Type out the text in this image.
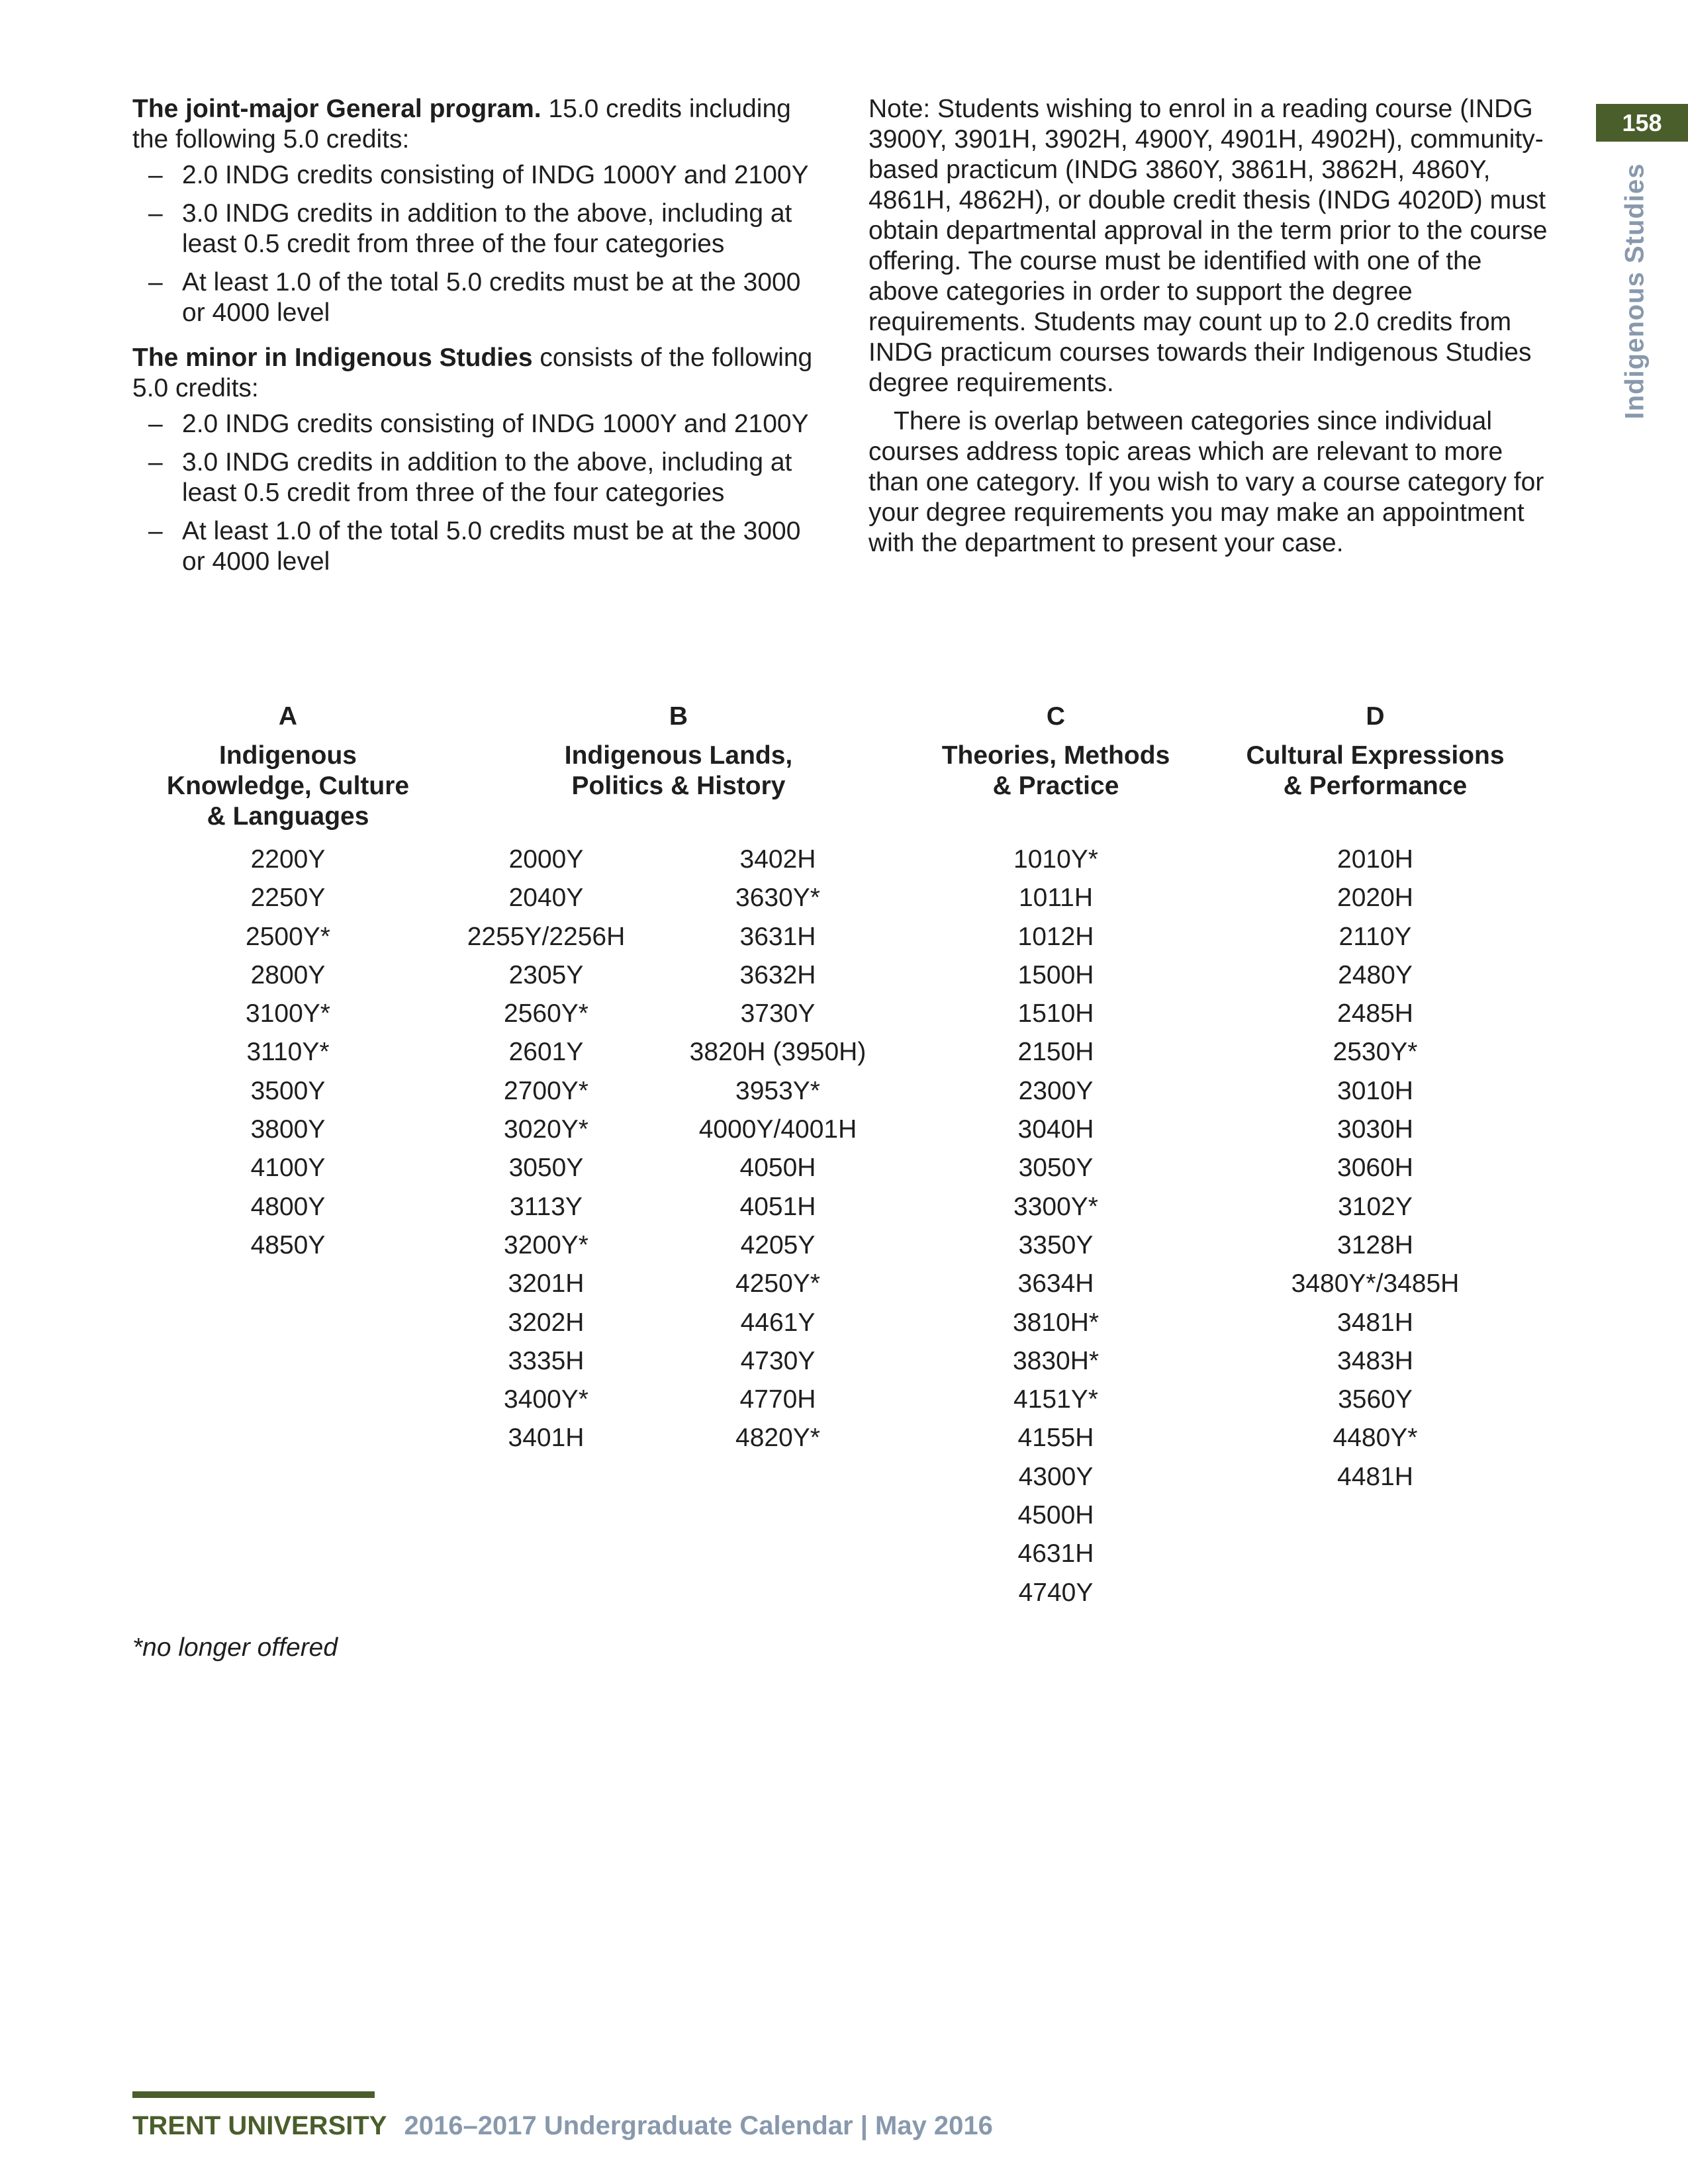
The joint-major General program. 15.0 credits including the following 5.0 credits:

– 2.0 INDG credits consisting of INDG 1000Y and 2100Y
– 3.0 INDG credits in addition to the above, including at least 0.5 credit from three of the four categories
– At least 1.0 of the total 5.0 credits must be at the 3000 or 4000 level

The minor in Indigenous Studies consists of the following 5.0 credits:

– 2.0 INDG credits consisting of INDG 1000Y and 2100Y
– 3.0 INDG credits in addition to the above, including at least 0.5 credit from three of the four categories
– At least 1.0 of the total 5.0 credits must be at the 3000 or 4000 level

Note: Students wishing to enrol in a reading course (INDG 3900Y, 3901H, 3902H, 4900Y, 4901H, 4902H), community-based practicum (INDG 3860Y, 3861H, 3862H, 4860Y, 4861H, 4862H), or double credit thesis (INDG 4020D) must obtain departmental approval in the term prior to the course offering. The course must be identified with one of the above categories in order to support the degree requirements. Students may count up to 2.0 credits from INDG practicum courses towards their Indigenous Studies degree requirements.

There is overlap between categories since individual courses address topic areas which are relevant to more than one category. If you wish to vary a course category for your degree requirements you may make an appointment with the department to present your case.

158
Indigenous Studies
A
Indigenous Knowledge, Culture & Languages
B
Indigenous Lands, Politics & History
C
Theories, Methods & Practice
D
Cultural Expressions & Performance
2200Y
2250Y
2500Y*
2800Y
3100Y*
3110Y*
3500Y
3800Y
4100Y
4800Y
4850Y
2000Y
2040Y
2255Y/2256H
2305Y
2560Y*
2601Y
2700Y*
3020Y*
3050Y
3113Y
3200Y*
3201H
3202H
3335H
3400Y*
3401H
3402H
3630Y*
3631H
3632H
3730Y
3820H (3950H)
3953Y*
4000Y/4001H
4050H
4051H
4205Y
4250Y*
4461Y
4730Y
4770H
4820Y*
1010Y*
1011H
1012H
1500H
1510H
2150H
2300Y
3040H
3050Y
3300Y*
3350Y
3634H
3810H*
3830H*
4151Y*
4155H
4300Y
4500H
4631H
4740Y
2010H
2020H
2110Y
2480Y
2485H
2530Y*
3010H
3030H
3060H
3102Y
3128H
3480Y*/3485H
3481H
3483H
3560Y
4480Y*
4481H
*no longer offered
TRENT UNIVERSITY 2016–2017 Undergraduate Calendar | May 2016
